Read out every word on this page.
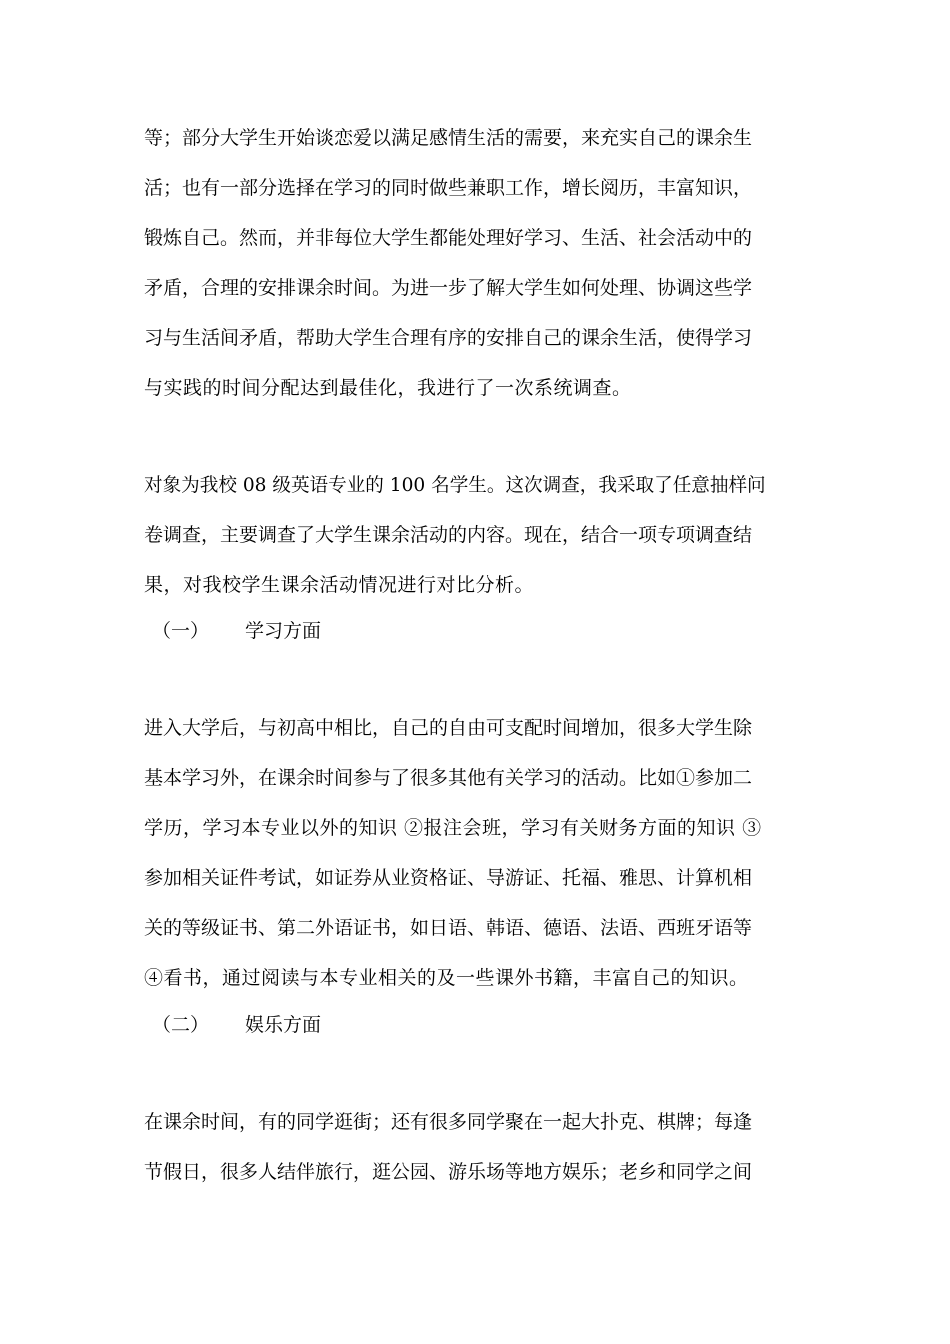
等；部分大学生开始谈恋爱以满足感情生活的需要，来充实自己的课余生
活；也有一部分选择在学习的同时做些兼职工作，增长阅历，丰富知识，
锻炼自己。然而，并非每位大学生都能处理好学习、生活、社会活动中的
矛盾，合理的安排课余时间。为进一步了解大学生如何处理、协调这些学
习与生活间矛盾，帮助大学生合理有序的安排自己的课余生活，使得学习
与实践的时间分配达到最佳化，我进行了一次系统调查。
对象为我校 08 级英语专业的 100 名学生。这次调查，我采取了任意抽样问
卷调查，主要调查了大学生课余活动的内容。现在，结合一项专项调查结
果，对我校学生课余活动情况进行对比分析。
（一） 学习方面
进入大学后，与初高中相比，自己的自由可支配时间增加，很多大学生除
基本学习外，在课余时间参与了很多其他有关学习的活动。比如①参加二
学历，学习本专业以外的知识 ②报注会班，学习有关财务方面的知识 ③
参加相关证件考试，如证券从业资格证、导游证、托福、雅思、计算机相
关的等级证书、第二外语证书，如日语、韩语、德语、法语、西班牙语等
④看书，通过阅读与本专业相关的及一些课外书籍，丰富自己的知识。
（二） 娱乐方面
在课余时间，有的同学逛街；还有很多同学聚在一起大扑克、棋牌；每逢
节假日，很多人结伴旅行，逛公园、游乐场等地方娱乐；老乡和同学之间
